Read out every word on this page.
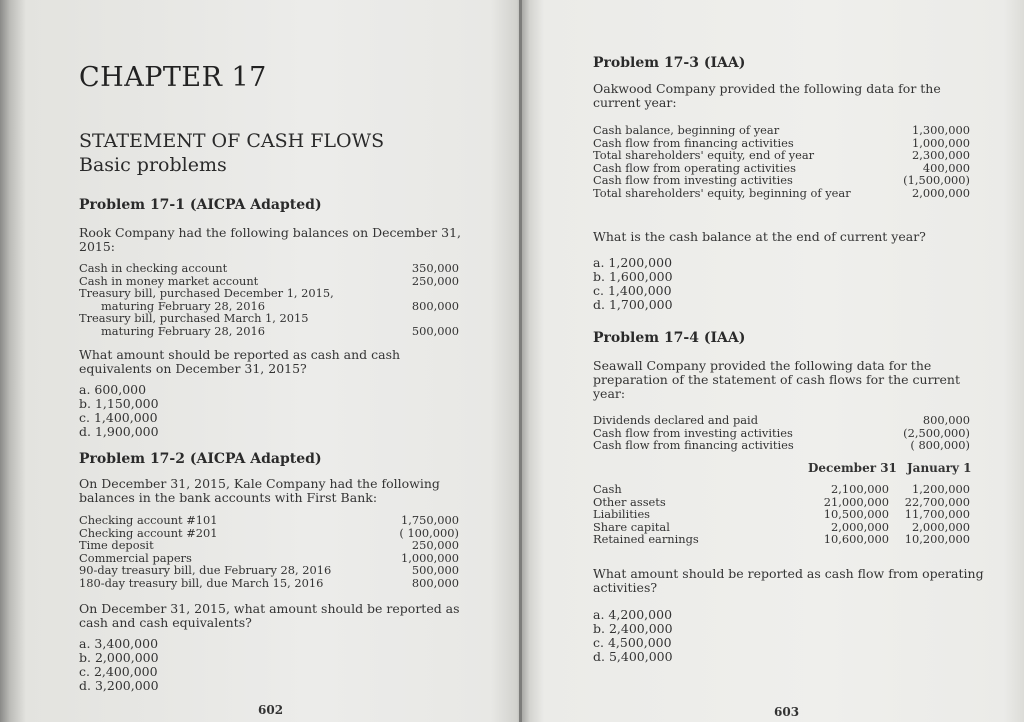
CHAPTER 17
STATEMENT OF CASH FLOWS
Basic problems
Problem 17-1 (AICPA Adapted)
Rook Company had the following balances on December 31, 2015:
Cash in checking account	350,000
Cash in money market account	250,000
Treasury bill, purchased December 1, 2015,
maturing February 28, 2016	800,000
Treasury bill, purchased March 1, 2015
maturing February 28, 2016	500,000
What amount should be reported as cash and cash equivalents on December 31, 2015?
a. 600,000
b. 1,150,000
c. 1,400,000
d. 1,900,000
Problem 17-2 (AICPA Adapted)
On December 31, 2015, Kale Company had the following balances in the bank accounts with First Bank:
Checking account #101	1,750,000
Checking account #201	( 100,000)
Time deposit	250,000
Commercial papers	1,000,000
90-day treasury bill, due February 28, 2016	500,000
180-day treasury bill, due March 15, 2016	800,000
On December 31, 2015, what amount should be reported as cash and cash equivalents?
a. 3,400,000
b. 2,000,000
c. 2,400,000
d. 3,200,000
602
Problem 17-3 (IAA)
Oakwood Company provided the following data for the current year:
Cash balance, beginning of year	1,300,000
Cash flow from financing activities	1,000,000
Total shareholders' equity, end of year	2,300,000
Cash flow from operating activities	400,000
Cash flow from investing activities	(1,500,000)
Total shareholders' equity, beginning of year	2,000,000
What is the cash balance at the end of current year?
a. 1,200,000
b. 1,600,000
c. 1,400,000
d. 1,700,000
Problem 17-4 (IAA)
Seawall Company provided the following data for the preparation of the statement of cash flows for the current year:
Dividends declared and paid	800,000
Cash flow from investing activities	(2,500,000)
Cash flow from financing activities	( 800,000)
December 31 January 1
Cash	2,100,000 1,200,000
Other assets	21,000,000 22,700,000
Liabilities	10,500,000 11,700,000
Share capital	2,000,000 2,000,000
Retained earnings	10,600,000 10,200,000
What amount should be reported as cash flow from operating activities?
a. 4,200,000
b. 2,400,000
c. 4,500,000
d. 5,400,000
603
